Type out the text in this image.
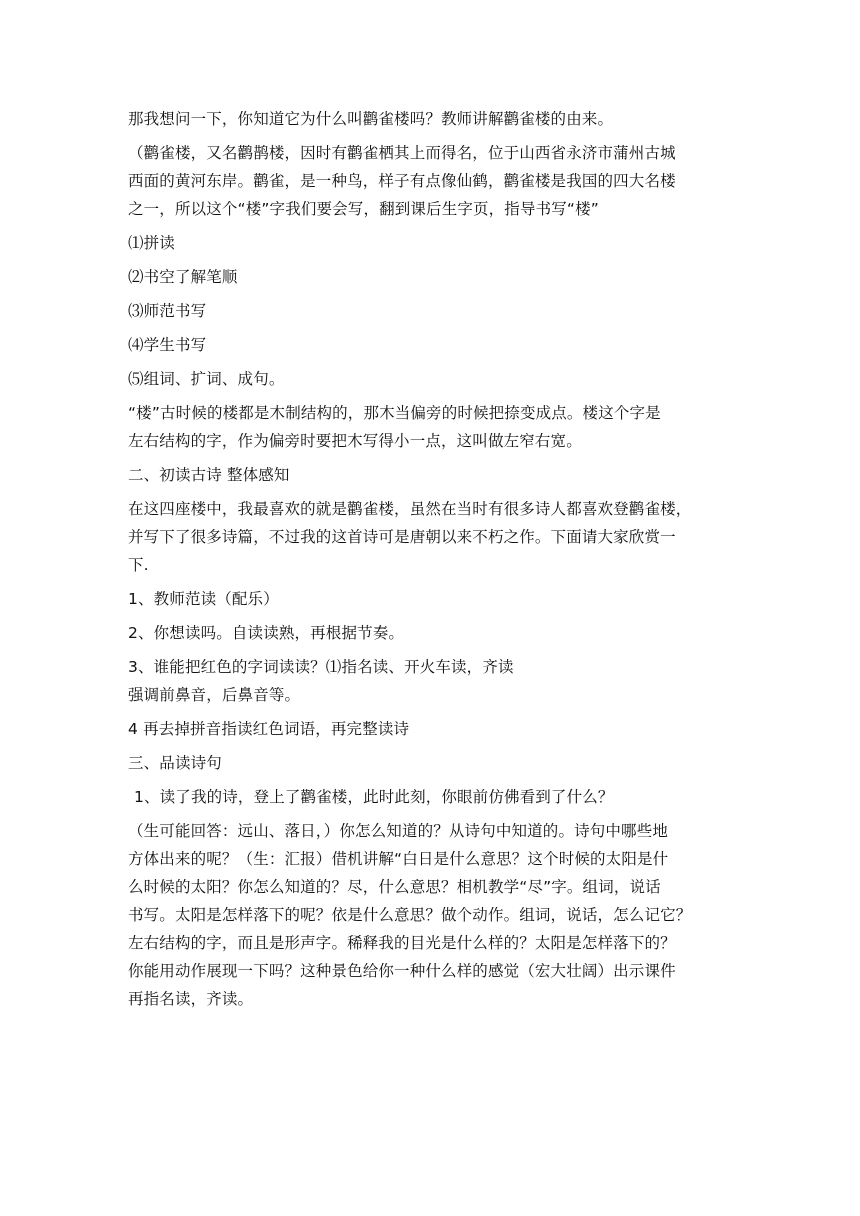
那我想问一下，你知道它为什么叫鹳雀楼吗？教师讲解鹳雀楼的由来。
（鹳雀楼，又名鹳鹊楼，因时有鹳雀栖其上而得名，位于山西省永济市蒲州古城
西面的黄河东岸。鹳雀，是一种鸟，样子有点像仙鹤，鹳雀楼是我国的四大名楼
之一，所以这个“楼”字我们要会写，翻到课后生字页，指导书写“楼”
⑴拼读
⑵书空了解笔顺
⑶师范书写
⑷学生书写
⑸组词、扩词、成句。
“楼”古时候的楼都是木制结构的，那木当偏旁的时候把捺变成点。楼这个字是
左右结构的字，作为偏旁时要把木写得小一点，这叫做左窄右宽。
二、初读古诗 整体感知
在这四座楼中，我最喜欢的就是鹳雀楼，虽然在当时有很多诗人都喜欢登鹳雀楼，
并写下了很多诗篇，不过我的这首诗可是唐朝以来不朽之作。下面请大家欣赏一
下.
1、教师范读（配乐）
2、你想读吗。自读读熟，再根据节奏。
3、谁能把红色的字词读读？⑴指名读、开火车读，齐读
强调前鼻音，后鼻音等。
4 再去掉拼音指读红色词语，再完整读诗
三、品读诗句
1、读了我的诗，登上了鹳雀楼，此时此刻，你眼前仿佛看到了什么？
（生可能回答：远山、落日，）你怎么知道的？从诗句中知道的。诗句中哪些地
方体出来的呢？（生：汇报）借机讲解“白日是什么意思？这个时候的太阳是什
么时候的太阳？你怎么知道的？尽，什么意思？相机教学“尽”字。组词，说话
书写。太阳是怎样落下的呢？依是什么意思？做个动作。组词，说话，怎么记它？
左右结构的字，而且是形声字。稀释我的目光是什么样的？太阳是怎样落下的？
你能用动作展现一下吗？这种景色给你一种什么样的感觉（宏大壮阔）出示课件
再指名读，齐读。
